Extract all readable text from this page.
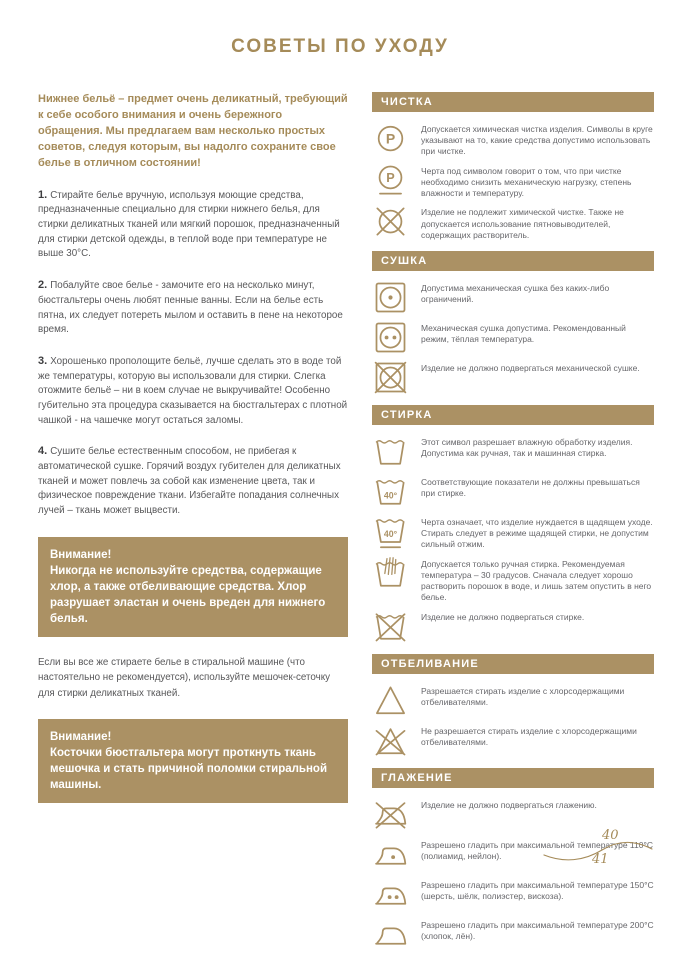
СОВЕТЫ ПО УХОДУ

Нижнее бельё – предмет очень деликатный, требующий к себе особого внимания и очень бережного обращения. Мы предлагаем вам несколько простых советов, следуя которым, вы надолго сохраните свое белье в отличном состоянии!

1. Стирайте белье вручную, используя моющие средства, предназначенные специально для стирки нижнего белья, для стирки деликатных тканей или мягкий порошок, предназначенный для стирки детской одежды, в теплой воде при температуре не выше 30°С.

2. Побалуйте свое белье - замочите его на несколько минут, бюстгальтеры очень любят пенные ванны. Если на белье есть пятна, их следует потереть мылом и оставить в пене на некоторое время.

3. Хорошенько прополощите бельё, лучше сделать это в воде той же температуры, которую вы использовали для стирки. Слегка отожмите бельё – ни в коем случае не выкручивайте! Особенно губительно эта процедура сказывается на бюстгальтерах с плотной чашкой - на чашечке могут остаться заломы.

4. Сушите белье естественным способом, не прибегая к автоматической сушке. Горячий воздух губителен для деликатных тканей и может повлечь за собой как изменение цвета, так и физическое повреждение ткани. Избегайте попадания солнечных лучей – ткань может выцвести.

Внимание!
Никогда не используйте средства, содержащие хлор, а также отбеливающие средства. Хлор разрушает эластан и очень вреден для нижнего белья.

Если вы все же стираете белье в стиральной машине (что настоятельно не рекомендуется), используйте мешочек-сеточку для стирки деликатных тканей.

Внимание!
Косточки бюстгальтера могут проткнуть ткань мешочка и стать причиной поломки стиральной машины.
ЧИСТКА
P
Допускается химическая чистка изделия. Символы в круге указывают на то, какие средства допустимо использовать при чистке.
P	Черта под символом говорит о том, что при чистке необходимо снизить механическую нагрузку, степень влажности и температуру.
Изделие не подлежит химической чистке. Также не допускается использование пятновыводителей, содержащих растворитель.
СУШКА
Допустима механическая сушка без каких-либо ограничений.
Механическая сушка допустима. Рекомендованный режим, тёплая температура.
Изделие не должно подвергаться механической сушке.
СТИРКА
Этот символ разрешает влажную обработку изделия. Допустима как ручная, так и машинная стирка.
40°
Соответствующие показатели не должны превышаться при стирке.
40°
Черта означает, что изделие нуждается в щадящем уходе. Стирать следует в режиме щадящей стирки, не допустим сильный отжим.
Допускается только ручная стирка. Рекомендуемая температура – 30 градусов. Сначала следует хорошо растворить порошок в воде, и лишь затем опустить в него белье.
Изделие не должно подвергаться стирке.
ОТБЕЛИВАНИЕ
Разрешается стирать изделие с хлорсодержащими отбеливателями.
Не разрешается стирать изделие с хлорсодержащими отбеливателями.
ГЛАЖЕНИЕ
Изделие не должно подвергаться глажению.
Разрешено гладить при максимальной температуре 110°С (полиамид, нейлон).
Разрешено гладить при максимальной температуре 150°С (шерсть, шёлк, полиэстер, вискоза).
Разрешено гладить при максимальной температуре 200°С (хлопок, лён).
40
41
